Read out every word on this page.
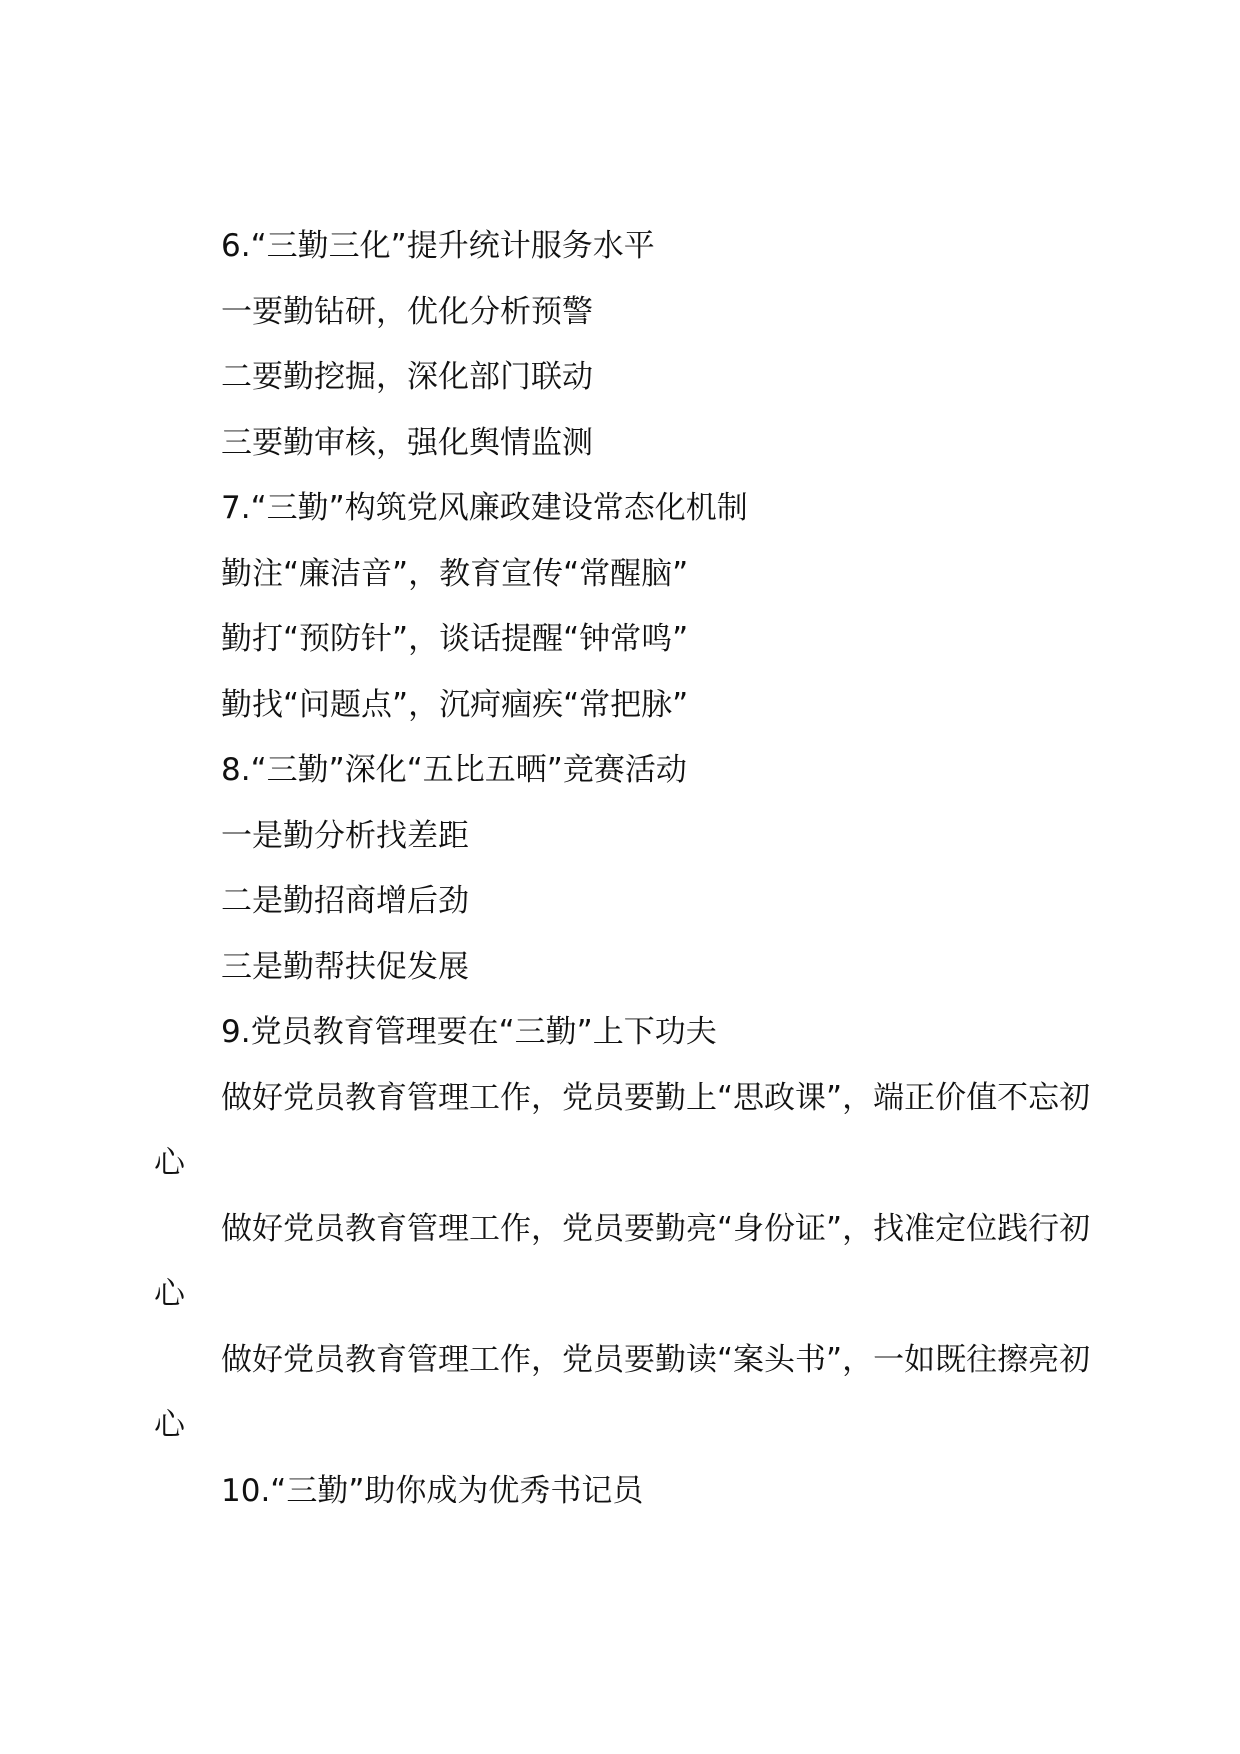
6.“三勤三化”提升统计服务水平
一要勤钻研，优化分析预警
二要勤挖掘，深化部门联动
三要勤审核，强化舆情监测
7.“三勤”构筑党风廉政建设常态化机制
勤注“廉洁音”，教育宣传“常醒脑”
勤打“预防针”，谈话提醒“钟常鸣”
勤找“问题点”，沉疴痼疾“常把脉”
8.“三勤”深化“五比五晒”竞赛活动
一是勤分析找差距
二是勤招商增后劲
三是勤帮扶促发展
9.党员教育管理要在“三勤”上下功夫

做好党员教育管理工作，党员要勤上“思政课”，端正价值不忘初心

做好党员教育管理工作，党员要勤亮“身份证”，找准定位践行初心

做好党员教育管理工作，党员要勤读“案头书”，一如既往擦亮初心

10.“三勤”助你成为优秀书记员
